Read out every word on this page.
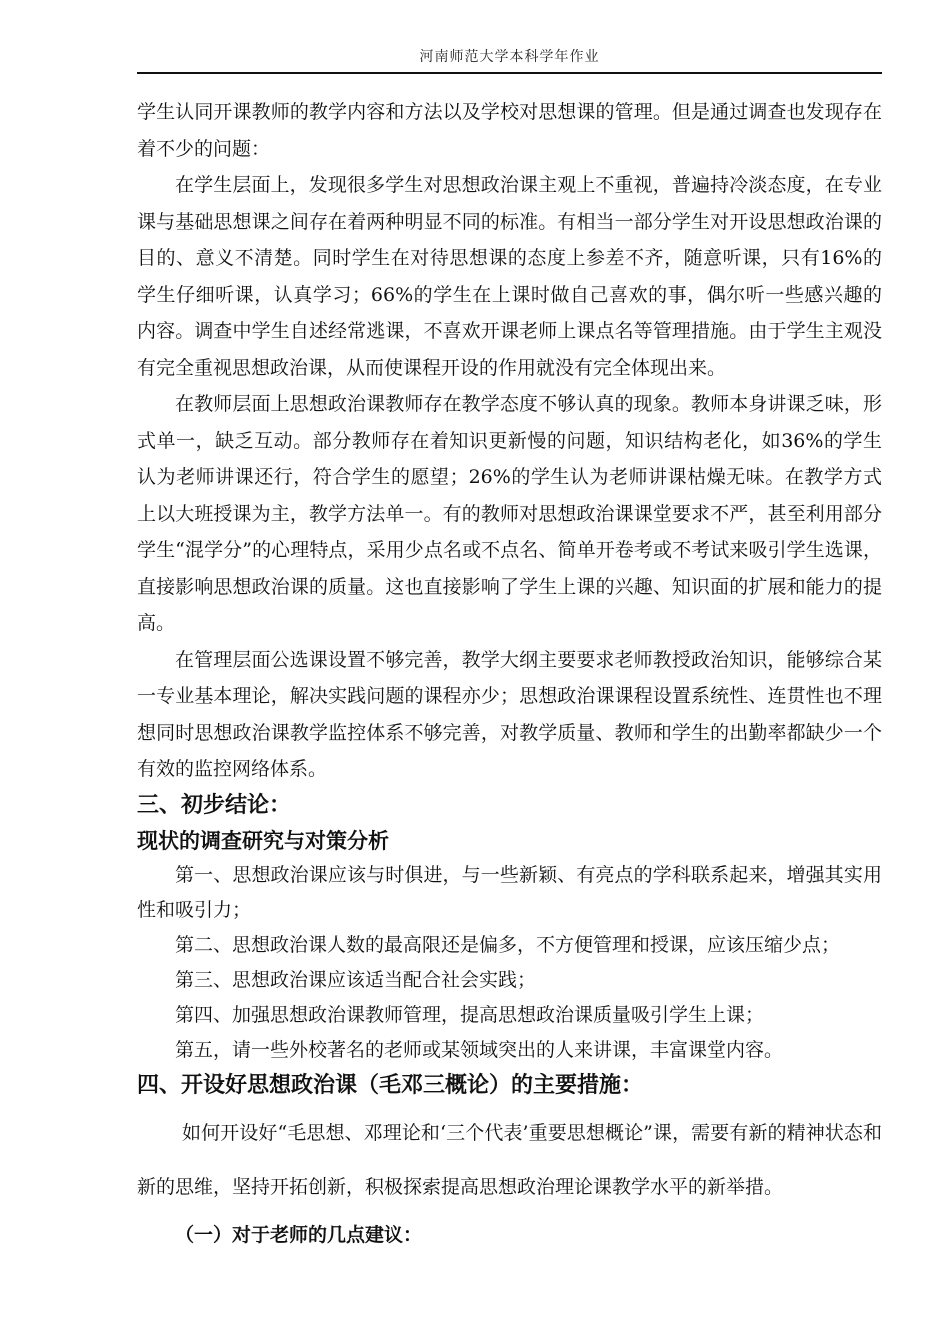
河南师范大学本科学年作业

学生认同开课教师的教学内容和方法以及学校对思想课的管理。但是通过调查也发现存在着不少的问题：

在学生层面上，发现很多学生对思想政治课主观上不重视，普遍持冷淡态度，在专业课与基础思想课之间存在着两种明显不同的标准。有相当一部分学生对开设思想政治课的目的、意义不清楚。同时学生在对待思想课的态度上参差不齐，随意听课，只有16%的学生仔细听课，认真学习；66%的学生在上课时做自己喜欢的事，偶尔听一些感兴趣的内容。调查中学生自述经常逃课，不喜欢开课老师上课点名等管理措施。由于学生主观没有完全重视思想政治课，从而使课程开设的作用就没有完全体现出来。

在教师层面上思想政治课教师存在教学态度不够认真的现象。教师本身讲课乏味，形式单一，缺乏互动。部分教师存在着知识更新慢的问题，知识结构老化，如36%的学生认为老师讲课还行，符合学生的愿望；26%的学生认为老师讲课枯燥无味。在教学方式上以大班授课为主，教学方法单一。有的教师对思想政治课课堂要求不严，甚至利用部分学生“混学分”的心理特点，采用少点名或不点名、简单开卷考或不考试来吸引学生选课，直接影响思想政治课的质量。这也直接影响了学生上课的兴趣、知识面的扩展和能力的提高。

在管理层面公选课设置不够完善，教学大纲主要要求老师教授政治知识，能够综合某一专业基本理论，解决实践问题的课程亦少；思想政治课课程设置系统性、连贯性也不理想同时思想政治课教学监控体系不够完善，对教学质量、教师和学生的出勤率都缺少一个有效的监控网络体系。

三、初步结论：
现状的调查研究与对策分析

第一、思想政治课应该与时俱进，与一些新颖、有亮点的学科联系起来，增强其实用性和吸引力；

第二、思想政治课人数的最高限还是偏多，不方便管理和授课，应该压缩少点；

第三、思想政治课应该适当配合社会实践；

第四、加强思想政治课教师管理，提高思想政治课质量吸引学生上课；

第五，请一些外校著名的老师或某领域突出的人来讲课，丰富课堂内容。

四、开设好思想政治课（毛邓三概论）的主要措施：

如何开设好“毛思想、邓理论和‘三个代表’重要思想概论”课，需要有新的精神状态和新的思维，坚持开拓创新，积极探索提高思想政治理论课教学水平的新举措。

（一）对于老师的几点建议：
